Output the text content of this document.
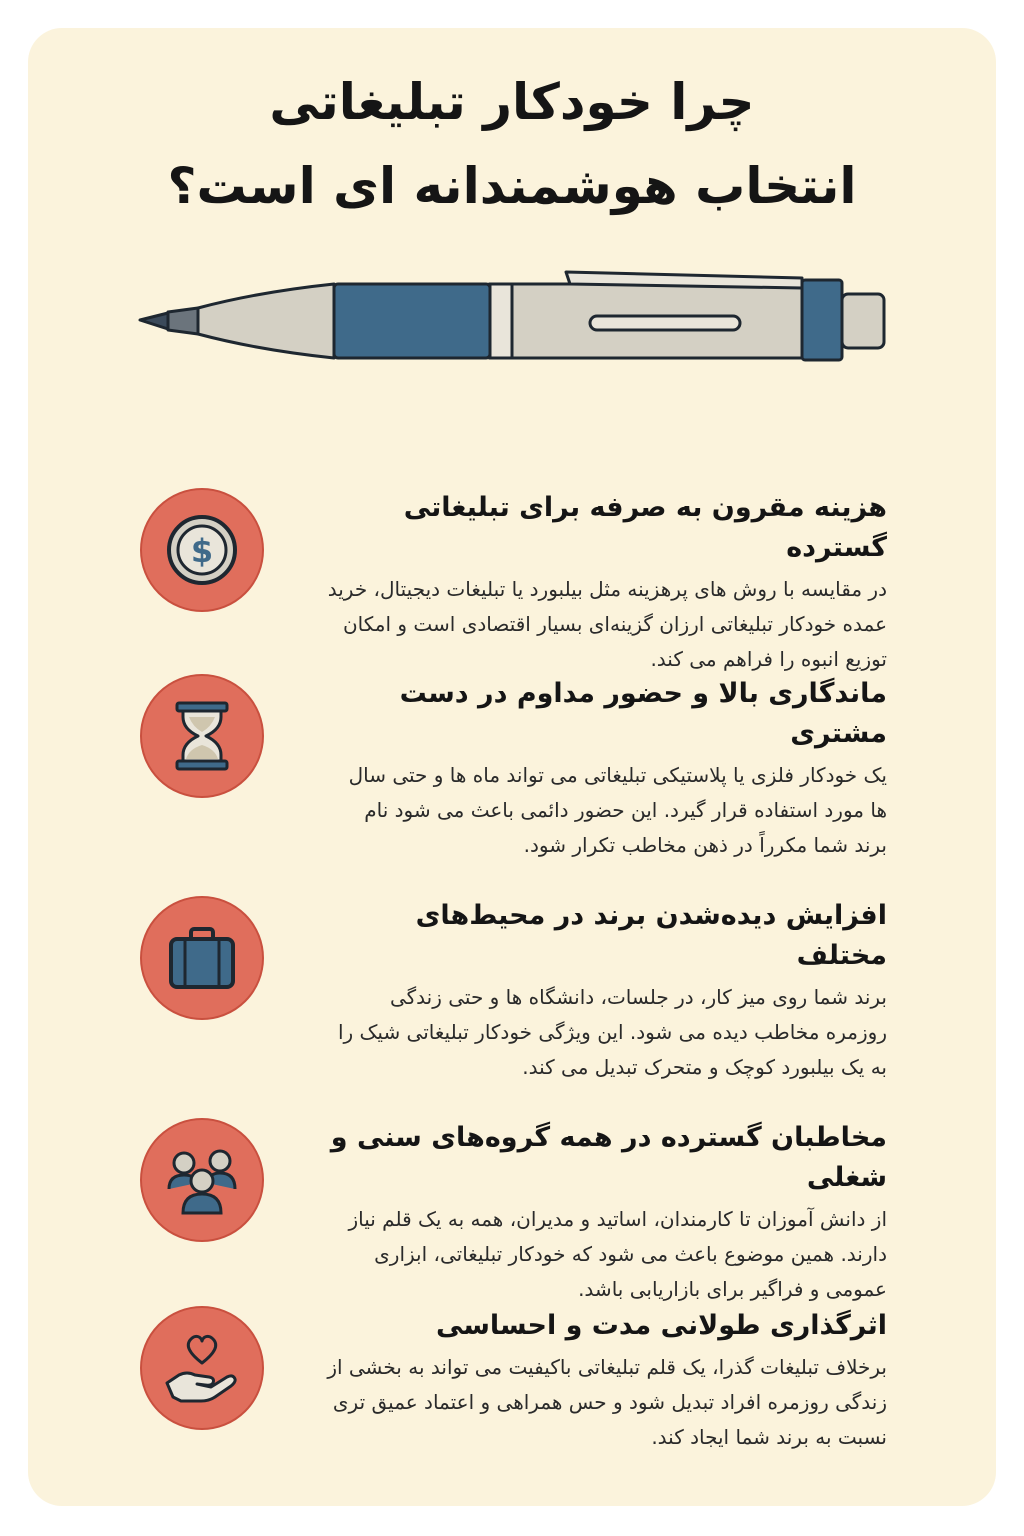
چرا خودکار تبلیغاتی
انتخاب هوشمندانه ای است؟
$

هزینه مقرون به صرفه برای تبلیغاتی گسترده

در مقایسه با روش های پرهزینه مثل بیلبورد یا تبلیغات دیجیتال، خرید عمده خودکار تبلیغاتی ارزان گزینه‌ای بسیار اقتصادی است و امکان توزیع انبوه را فراهم می کند.

ماندگاری بالا و حضور مداوم در دست مشتری

یک خودکار فلزی یا پلاستیکی تبلیغاتی می تواند ماه ها و حتی سال ها مورد استفاده قرار گیرد. این حضور دائمی باعث می شود نام برند شما مکرراً در ذهن مخاطب تکرار شود.

افزایش دیده‌شدن برند در محیط‌های مختلف

برند شما روی میز کار، در جلسات، دانشگاه ها و حتی زندگی روزمره مخاطب دیده می شود. این ویژگی خودکار تبلیغاتی شیک را به یک بیلبورد کوچک و متحرک تبدیل می کند.

مخاطبان گسترده در همه گروه‌های سنی و شغلی

از دانش آموزان تا کارمندان، اساتید و مدیران، همه به یک قلم نیاز دارند. همین موضوع باعث می شود که خودکار تبلیغاتی، ابزاری عمومی و فراگیر برای بازاریابی باشد.

اثرگذاری طولانی مدت و احساسی

برخلاف تبلیغات گذرا، یک قلم تبلیغاتی باکیفیت می تواند به بخشی از زندگی روزمره افراد تبدیل شود و حس همراهی و اعتماد عمیق تری نسبت به برند شما ایجاد کند.
